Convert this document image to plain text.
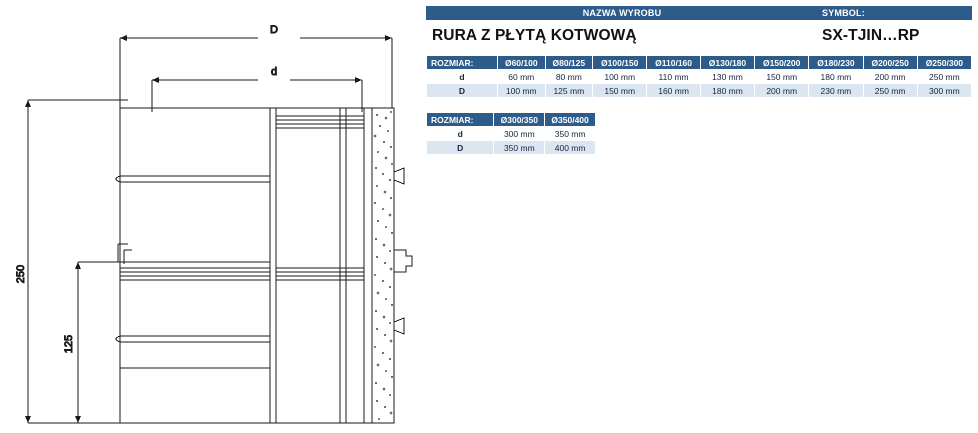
D
d
250
125
NAZWA WYROBU	SYMBOL:
RURA Z PŁYTĄ KOTWOWĄ	SX-TJIN…RP
ROZMIAR:	Ø60/100	Ø80/125	Ø100/150	Ø110/160	Ø130/180	Ø150/200	Ø180/230	Ø200/250	Ø250/300
d	60 mm	80 mm	100 mm	110 mm	130 mm	150 mm	180 mm	200 mm	250 mm
D	100 mm	125 mm	150 mm	160 mm	180 mm	200 mm	230 mm	250 mm	300 mm
ROZMIAR:	Ø300/350	Ø350/400
d	300 mm	350 mm
D	350 mm	400 mm
